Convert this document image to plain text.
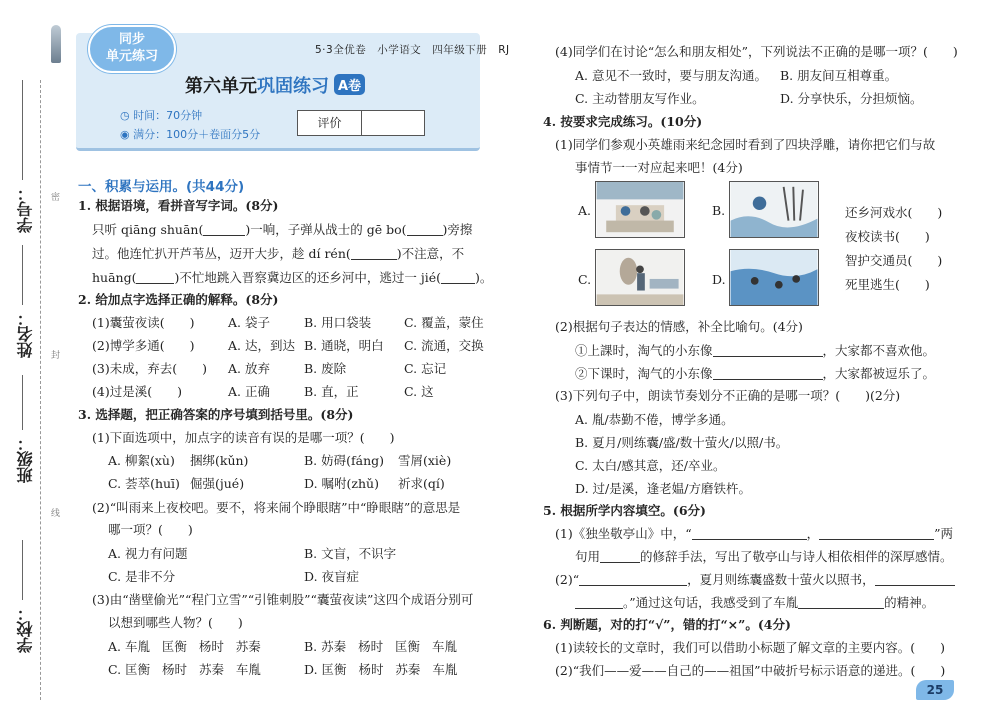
学号：
姓名：
班级：
学校：
密
封
线
同步
单元练习	5·3全优卷　小学语文　四年级下册　RJ
第六单元巩固练习 A卷
◷ 时间：70分钟
◉ 满分：100分＋卷面分5分
评价
一、积累与运用。(共44分)
1. 根据语境，看拼音写字词。(8分)
只听 qiāng shuān(	)一响，子弹从战士的 gē bo(	)旁擦
过。他连忙扒开芦苇丛，迈开大步，趁 dí rén(	)不注意，不
huāng(	)不忙地跳入晋察冀边区的还乡河中，逃过一 jié(	)。
2. 给加点字选择正确的解释。(8分)
(1)囊萤夜读(　　)	A. 袋子	B. 用口袋装	C. 覆盖，蒙住
(2)博学多通(　　)	A. 达，到达 B. 通晓，明白 C. 流通，交换
(3)未成，弃去(　　) A. 放弃	B. 废除	C. 忘记
(4)过是溪(　　)	A. 正确	B. 直，正	C. 这
3. 选择题，把正确答案的序号填到括号里。(8分)
(1)下面选项中，加点字的读音有误的是哪一项？(　　)
A. 柳絮(xù) 捆绑(kǔn)	B. 妨碍(fáng) 雪屑(xiè)
C. 荟萃(huī) 倔强(jué)	D. 嘱咐(zhǔ) 祈求(qí)
(2)“叫雨来上夜校吧。要不，将来闹个睁眼瞎”中“睁眼瞎”的意思是
哪一项？(　　)
A. 视力有问题	B. 文盲，不识字
C. 是非不分	D. 夜盲症
(3)由“凿壁偷光”“程门立雪”“引锥刺股”“囊萤夜读”这四个成语分别可
以想到哪些人物？(　　)
A. 车胤 匡衡 杨时 苏秦	B. 苏秦 杨时 匡衡 车胤
C. 匡衡 杨时 苏秦 车胤	D. 匡衡 杨时 苏秦 车胤
(4)同学们在讨论“怎么和朋友相处”，下列说法不正确的是哪一项？(　　)
A. 意见不一致时，要与朋友沟通。 B. 朋友间互相尊重。
C. 主动替朋友写作业。	D. 分享快乐，分担烦恼。
4. 按要求完成练习。(10分)
(1)同学们参观小英雄雨来纪念园时看到了四块浮雕，请你把它们与故
事情节一一对应起来吧！(4分)
A.	B.
C.	D.
还乡河戏水(　　)
夜校读书(　　)
智护交通员(　　)
死里逃生(　　)
(2)根据句子表达的情感，补全比喻句。(4分)
①上課时，淘气的小东像	，大家都不喜欢他。
②下课时，淘气的小东像	，大家都被逗乐了。
(3)下列句子中，朗读节奏划分不正确的是哪一项？(　　)(2分)
A. 胤/恭勤不倦，博学多通。
B. 夏月/则练囊/盛/数十萤火/以照/书。
C. 太白/感其意，还/卒业。
D. 过/是溪，逢老媪/方磨铁杵。
5. 根据所学内容填空。(6分)
(1)《独坐敬亭山》中，“	，	”两
句用	的修辞手法，写出了敬亭山与诗人相依相伴的深厚感情。
(2)“	，夏月则练囊盛数十萤火以照书，
。”通过这句话，我感受到了车胤	的精神。
6. 判断题，对的打“√”，错的打“×”。(4分)
(1)读较长的文章时，我们可以借助小标题了解文章的主要内容。(　　)
(2)“我们——爱——自己的——祖国”中破折号标示语意的递进。(　　)
25
